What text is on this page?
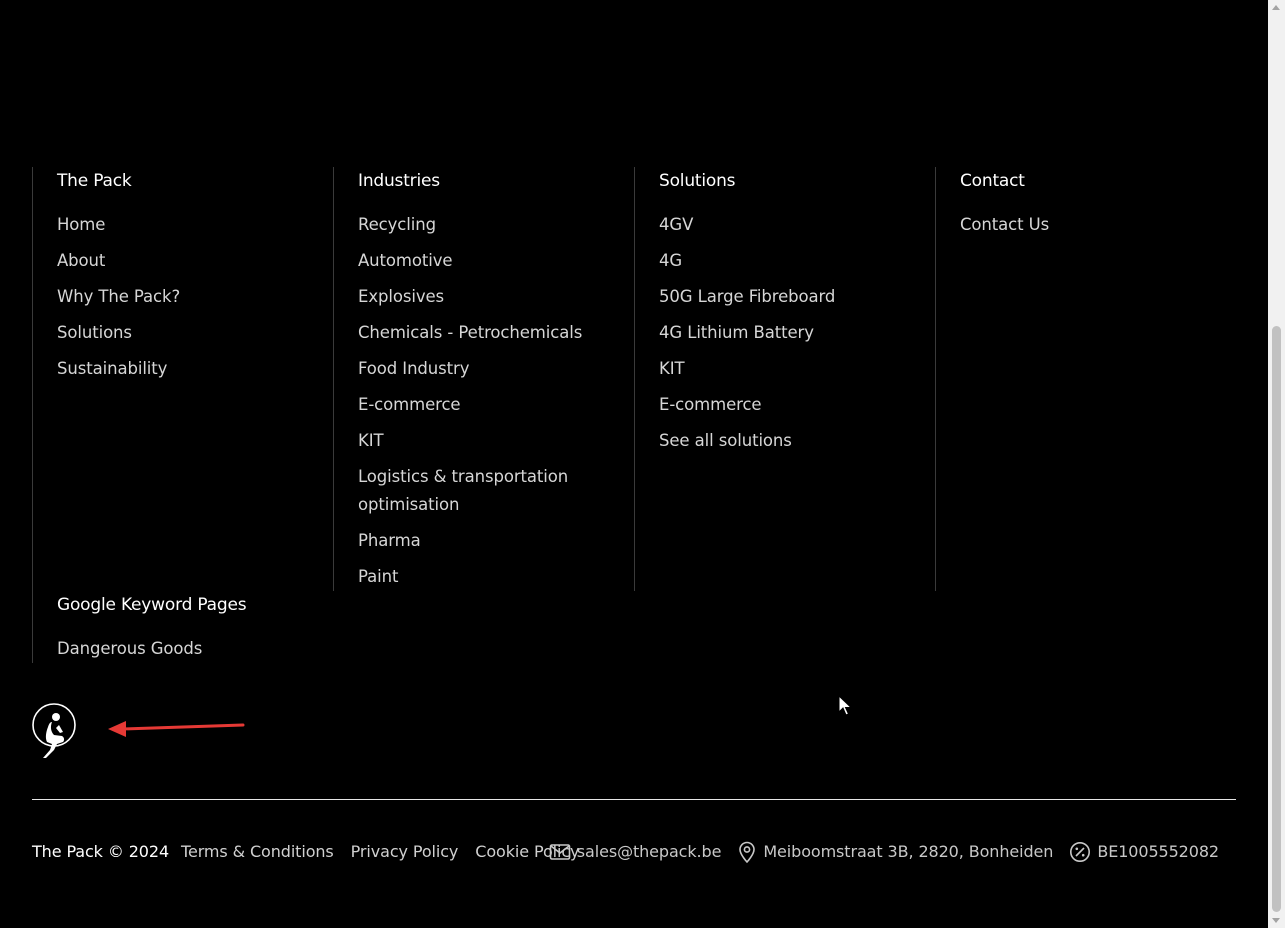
The Pack
Home
About
Why The Pack?
Solutions
Sustainability
Google Keyword Pages
Dangerous Goods
Industries
Recycling
Automotive
Explosives
Chemicals - Petrochemicals
Food Industry
E-commerce
KIT
Logistics & transportation optimisation
Pharma
Paint
Solutions
4GV
4G
50G Large Fibreboard
4G Lithium Battery
KIT
E-commerce
See all solutions
Contact
Contact Us
The Pack © 2024 Terms & Conditions Privacy Policy Cookie Policy
sales@thepack.be	Meiboomstraat 3B, 2820, Bonheiden	BE1005552082
